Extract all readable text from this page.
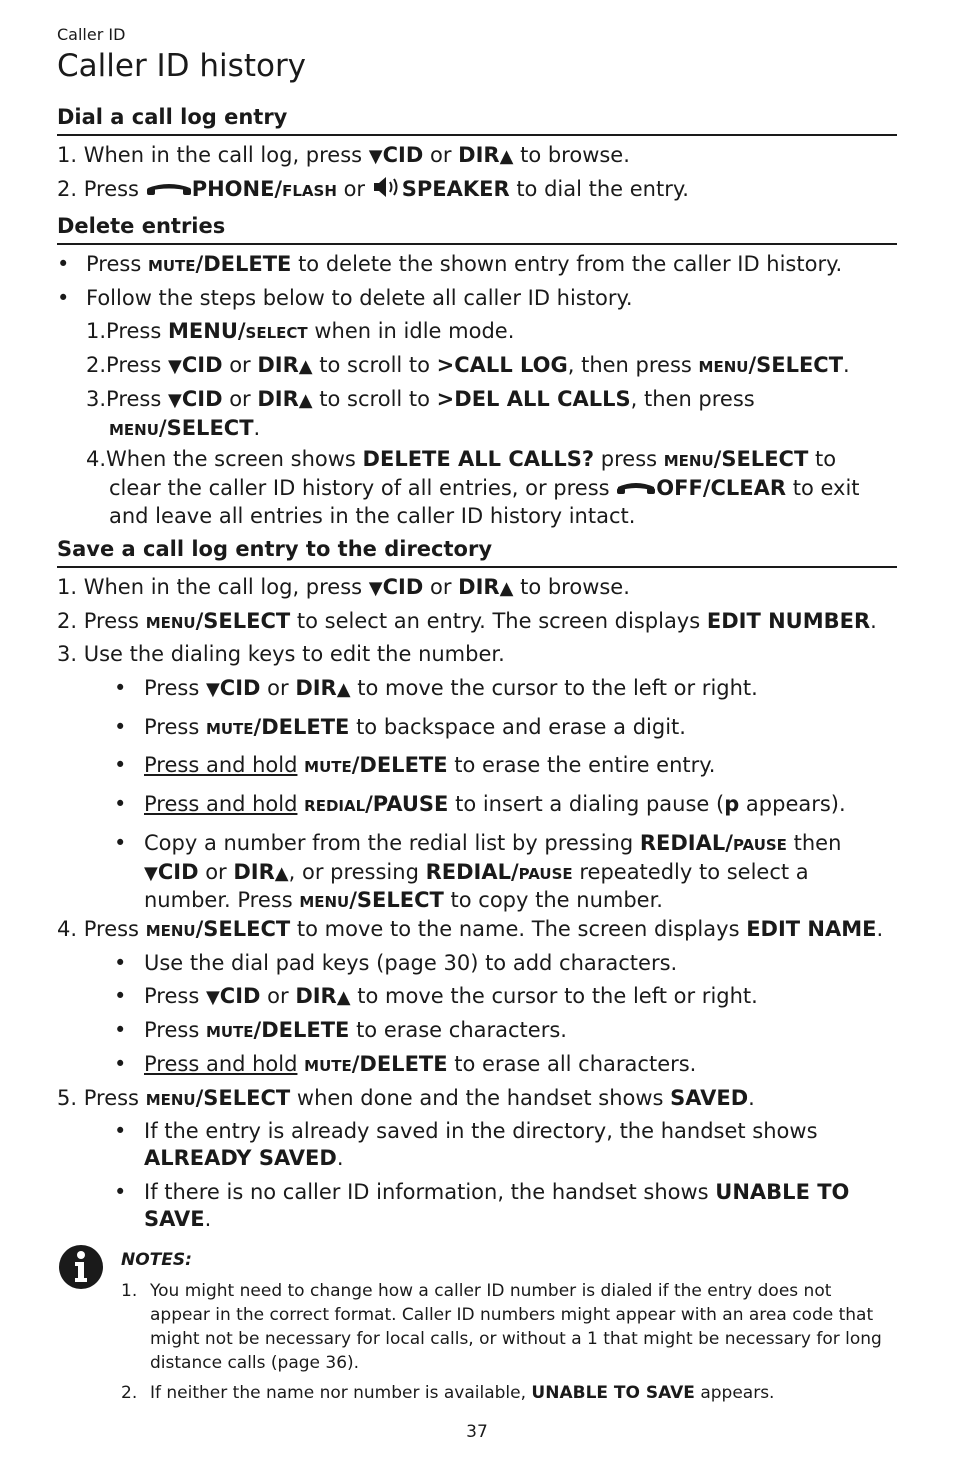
Caller ID
Caller ID history
Dial a call log entry
1. When in the call log, press ▼CID or DIR▲ to browse.
2. Press PHONE/FLASH or SPEAKER to dial the entry.
Delete entries
• Press MUTE/DELETE to delete the shown entry from the caller ID history.
• Follow the steps below to delete all caller ID history.
1.Press MENU/SELECT when in idle mode.
2.Press ▼CID or DIR▲ to scroll to >CALL LOG, then press MENU/SELECT.
3.Press ▼CID or DIR▲ to scroll to >DEL ALL CALLS, then press
MENU/SELECT.
4.When the screen shows DELETE ALL CALLS? press MENU/SELECT to
clear the caller ID history of all entries, or press OFF/CLEAR to exit
and leave all entries in the caller ID history intact.
Save a call log entry to the directory
1. When in the call log, press ▼CID or DIR▲ to browse.
2. Press MENU/SELECT to select an entry. The screen displays EDIT NUMBER.
3. Use the dialing keys to edit the number.
• Press ▼CID or DIR▲ to move the cursor to the left or right.
• Press MUTE/DELETE to backspace and erase a digit.
• Press and hold MUTE/DELETE to erase the entire entry.
• Press and hold REDIAL/PAUSE to insert a dialing pause (p appears).
• Copy a number from the redial list by pressing REDIAL/PAUSE then
▼CID or DIR▲, or pressing REDIAL/PAUSE repeatedly to select a
number. Press MENU/SELECT to copy the number.
4. Press MENU/SELECT to move to the name. The screen displays EDIT NAME.
• Use the dial pad keys (page 30) to add characters.
• Press ▼CID or DIR▲ to move the cursor to the left or right.
• Press MUTE/DELETE to erase characters.
• Press and hold MUTE/DELETE to erase all characters.
5. Press MENU/SELECT when done and the handset shows SAVED.
• If the entry is already saved in the directory, the handset shows
ALREADY SAVED.
• If there is no caller ID information, the handset shows UNABLE TO
SAVE.
NOTES:
1. You might need to change how a caller ID number is dialed if the entry does not appear in the correct format. Caller ID numbers might appear with an area code that might not be necessary for local calls, or without a 1 that might be necessary for long distance calls (page 36).
2. If neither the name nor number is available, UNABLE TO SAVE appears.
37
